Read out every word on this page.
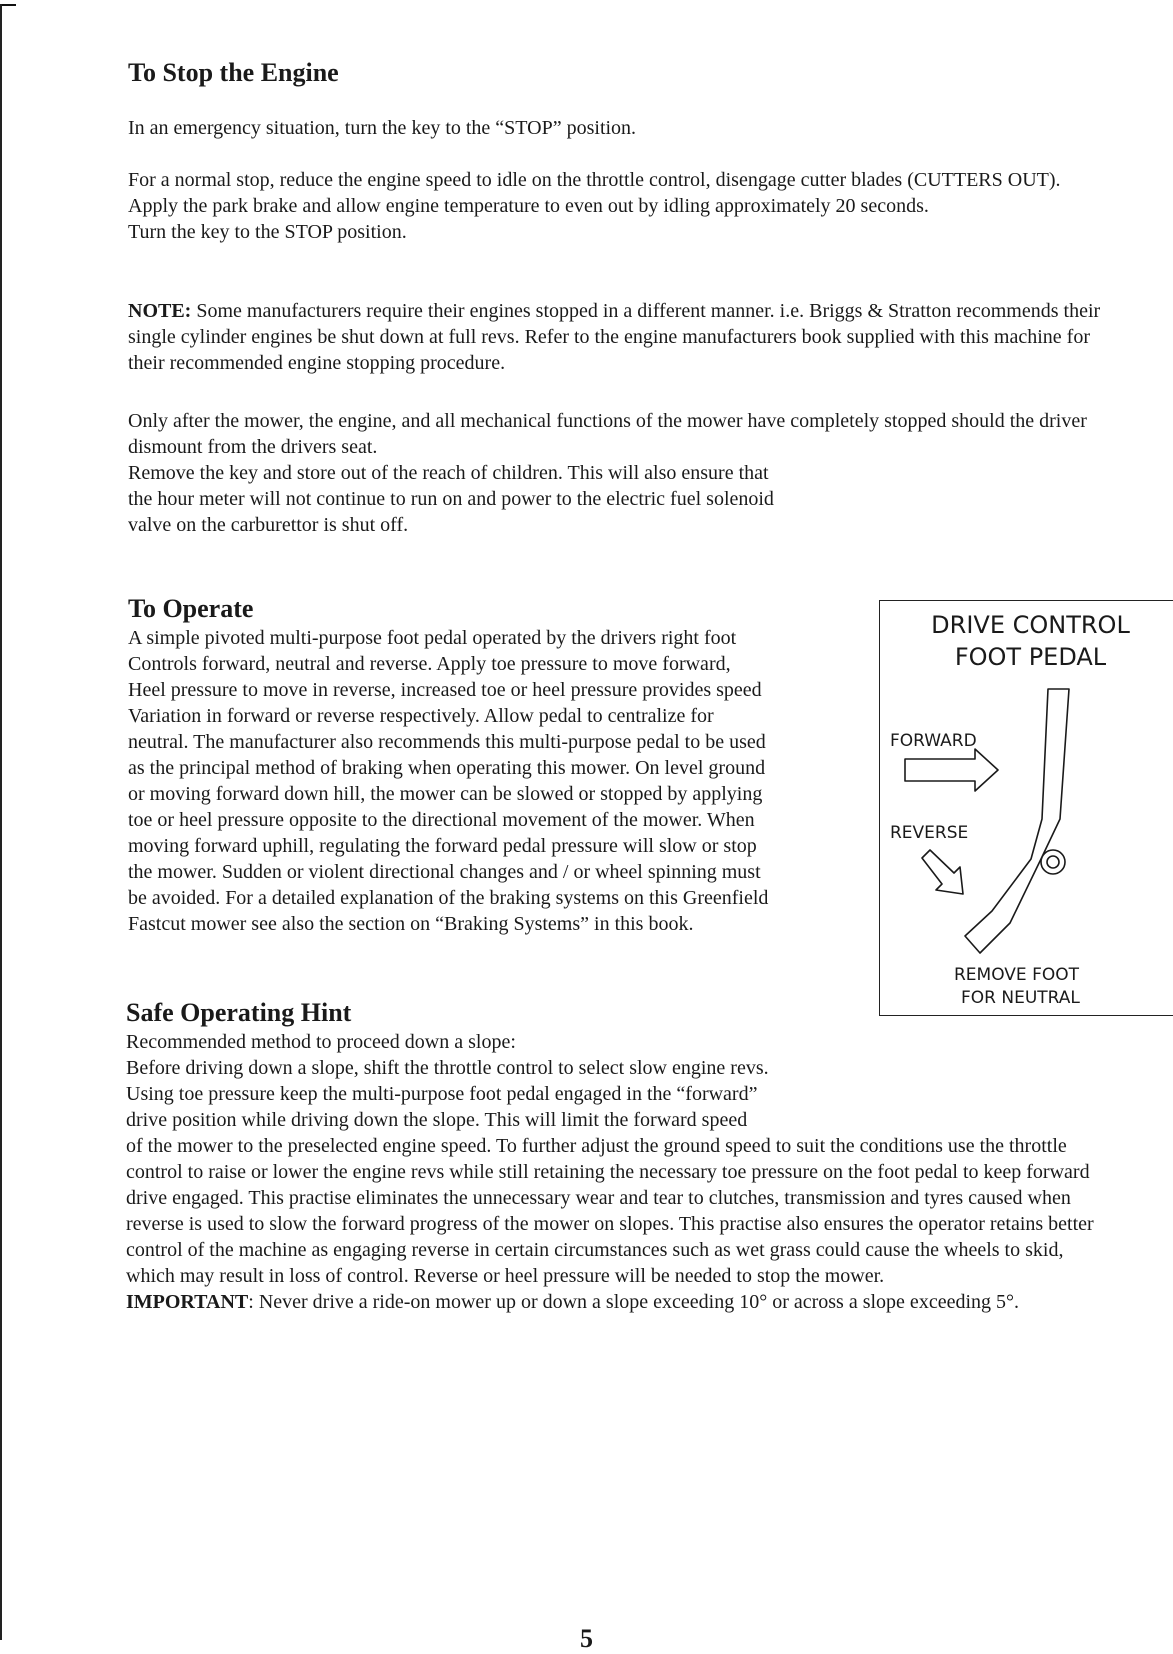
To Stop the Engine
In an emergency situation, turn the key to the “STOP” position.
For a normal stop, reduce the engine speed to idle on the throttle control, disengage cutter blades (CUTTERS OUT).
Apply the park brake and allow engine temperature to even out by idling approximately 20 seconds.
Turn the key to the STOP position.
NOTE: Some manufacturers require their engines stopped in a different manner. i.e. Briggs & Stratton recommends their
single cylinder engines be shut down at full revs. Refer to the engine manufacturers book supplied with this machine for
their recommended engine stopping procedure.
Only after the mower, the engine, and all mechanical functions of the mower have completely stopped should the driver
dismount from the drivers seat.
Remove the key and store out of the reach of children. This will also ensure that
the hour meter will not continue to run on and power to the electric fuel solenoid
valve on the carburettor is shut off.
To Operate
A simple pivoted multi-purpose foot pedal operated by the drivers right foot
Controls forward, neutral and reverse. Apply toe pressure to move forward,
Heel pressure to move in reverse, increased toe or heel pressure provides speed
Variation in forward or reverse respectively. Allow pedal to centralize for
neutral. The manufacturer also recommends this multi-purpose pedal to be used
as the principal method of braking when operating this mower. On level ground
or moving forward down hill, the mower can be slowed or stopped by applying
toe or heel pressure opposite to the directional movement of the mower. When
moving forward uphill, regulating the forward pedal pressure will slow or stop
the mower. Sudden or violent directional changes and / or wheel spinning must
be avoided. For a detailed explanation of the braking systems on this Greenfield
Fastcut mower see also the section on “Braking Systems” in this book.
DRIVE CONTROL
FOOT PEDAL
FORWARD
REVERSE
REMOVE FOOT
FOR NEUTRAL
Safe Operating Hint
Recommended method to proceed down a slope:
Before driving down a slope, shift the throttle control to select slow engine revs.
Using toe pressure keep the multi-purpose foot pedal engaged in the “forward”
drive position while driving down the slope. This will limit the forward speed
of the mower to the preselected engine speed. To further adjust the ground speed to suit the conditions use the throttle
control to raise or lower the engine revs while still retaining the necessary toe pressure on the foot pedal to keep forward
drive engaged. This practise eliminates the unnecessary wear and tear to clutches, transmission and tyres caused when
reverse is used to slow the forward progress of the mower on slopes. This practise also ensures the operator retains better
control of the machine as engaging reverse in certain circumstances such as wet grass could cause the wheels to skid,
which may result in loss of control. Reverse or heel pressure will be needed to stop the mower.
IMPORTANT: Never drive a ride-on mower up or down a slope exceeding 10° or across a slope exceeding 5°.
5
